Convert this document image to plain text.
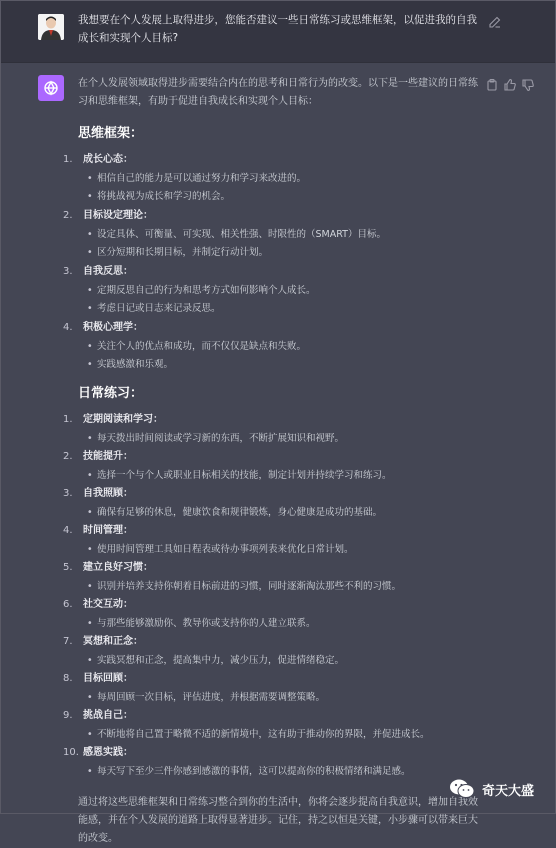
我想要在个人发展上取得进步，您能否建议一些日常练习或思维框架，以促进我的自我成长和实现个人目标?

在个人发展领域取得进步需要结合内在的思考和日常行为的改变。以下是一些建议的日常练习和思维框架，有助于促进自我成长和实现个人目标：

思维框架：
1. 成长心态：
• 相信自己的能力是可以通过努力和学习来改进的。
• 将挑战视为成长和学习的机会。
2. 目标设定理论：
• 设定具体、可衡量、可实现、相关性强、时限性的（SMART）目标。
• 区分短期和长期目标，并制定行动计划。
3. 自我反思：
• 定期反思自己的行为和思考方式如何影响个人成长。
• 考虑日记或日志来记录反思。
4. 积极心理学：
• 关注个人的优点和成功，而不仅仅是缺点和失败。
• 实践感激和乐观。
日常练习：
1. 定期阅读和学习：
• 每天拨出时间阅读或学习新的东西，不断扩展知识和视野。
2. 技能提升：
• 选择一个与个人或职业目标相关的技能，制定计划并持续学习和练习。
3. 自我照顾：
• 确保有足够的休息，健康饮食和规律锻炼，身心健康是成功的基础。
4. 时间管理：
• 使用时间管理工具如日程表或待办事项列表来优化日常计划。
5. 建立良好习惯：
• 识别并培养支持你朝着目标前进的习惯，同时逐渐淘汰那些不利的习惯。
6. 社交互动：
• 与那些能够激励你、教导你或支持你的人建立联系。
7. 冥想和正念：
• 实践冥想和正念，提高集中力，减少压力，促进情绪稳定。
8. 目标回顾：
• 每周回顾一次目标，评估进度，并根据需要调整策略。
9. 挑战自己：
• 不断地将自己置于略微不适的新情境中，这有助于推动你的界限，并促进成长。
10. 感恩实践：
• 每天写下至少三件你感到感激的事情，这可以提高你的积极情绪和满足感。

通过将这些思维框架和日常练习整合到你的生活中，你将会逐步提高自我意识，增加自我效能感，并在个人发展的道路上取得显著进步。记住，持之以恒是关键，小步骤可以带来巨大的改变。

奇天大盛
